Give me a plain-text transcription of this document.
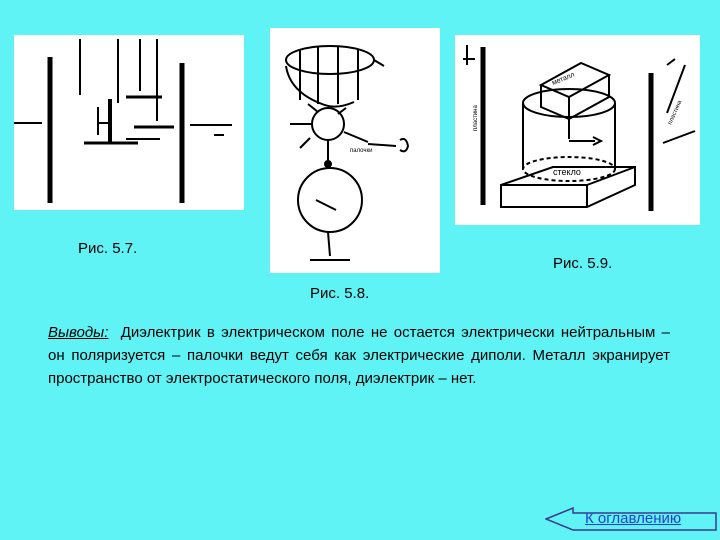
Рис. 5.7.
палочки
Рис. 5.8.
металл
стекло
пластина	пластина
Рис. 5.9.
Выводы: Диэлектрик в электрическом поле не остается электрически нейтральным – он поляризуется – палочки ведут себя как электрические диполи. Металл экранирует пространство от электростатического поля, диэлектрик – нет.
К оглавлению
